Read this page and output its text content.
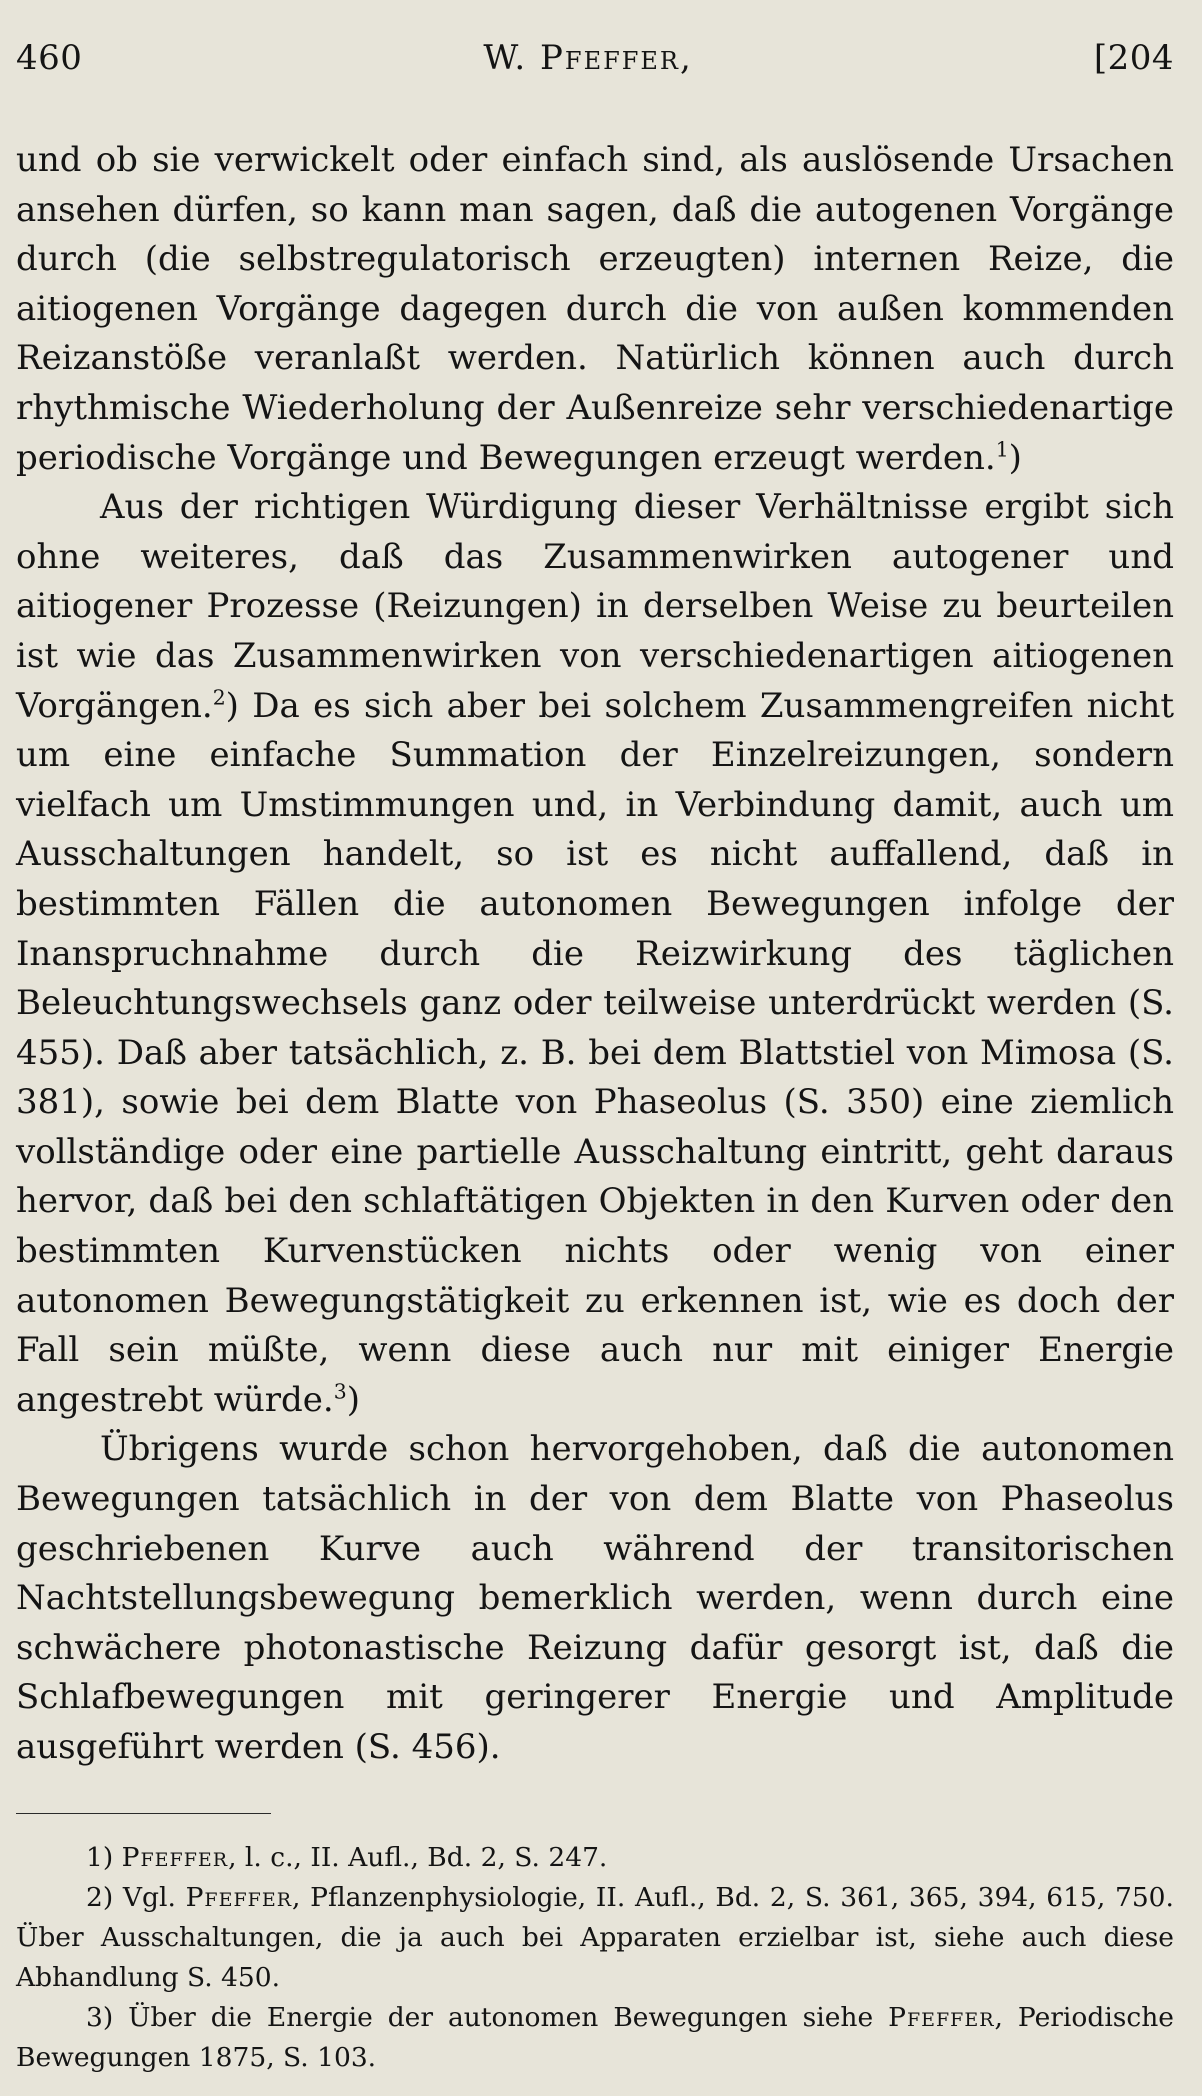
460	W. Pfeffer,	[204

und ob sie verwickelt oder einfach sind, als auslösende Ursachen ansehen dürfen, so kann man sagen, daß die autogenen Vorgänge durch (die selbstregulatorisch erzeugten) internen Reize, die aitiogenen Vorgänge dagegen durch die von außen kommenden Reizanstöße veranlaßt werden. Natürlich können auch durch rhythmische Wiederholung der Außenreize sehr verschiedenartige periodische Vorgänge und Bewegungen erzeugt werden.$^1$)

Aus der richtigen Würdigung dieser Verhältnisse ergibt sich ohne weiteres, daß das Zusammenwirken autogener und aitiogener Prozesse (Reizungen) in derselben Weise zu beurteilen ist wie das Zusammenwirken von verschiedenartigen aitiogenen Vorgängen.$^2$) Da es sich aber bei solchem Zusammengreifen nicht um eine einfache Summation der Einzelreizungen, sondern vielfach um Umstimmungen und, in Verbindung damit, auch um Ausschaltungen handelt, so ist es nicht auffallend, daß in bestimmten Fällen die autonomen Bewegungen infolge der Inanspruchnahme durch die Reizwirkung des täglichen Beleuchtungswechsels ganz oder teilweise unterdrückt werden (S. 455). Daß aber tatsächlich, z. B. bei dem Blattstiel von Mimosa (S. 381), sowie bei dem Blatte von Phaseolus (S. 350) eine ziemlich vollständige oder eine partielle Ausschaltung eintritt, geht daraus hervor, daß bei den schlaftätigen Objekten in den Kurven oder den bestimmten Kurvenstücken nichts oder wenig von einer autonomen Bewegungstätigkeit zu erkennen ist, wie es doch der Fall sein müßte, wenn diese auch nur mit einiger Energie angestrebt würde.$^3$)

Übrigens wurde schon hervorgehoben, daß die autonomen Bewegungen tatsächlich in der von dem Blatte von Phaseolus geschriebenen Kurve auch während der transitorischen Nachtstellungsbewegung bemerklich werden, wenn durch eine schwächere photonastische Reizung dafür gesorgt ist, daß die Schlafbewegungen mit geringerer Energie und Amplitude ausgeführt werden (S. 456).

1) Pfeffer, l. c., II. Aufl., Bd. 2, S. 247.

2) Vgl. Pfeffer, Pflanzenphysiologie, II. Aufl., Bd. 2, S. 361, 365, 394, 615, 750. Über Ausschaltungen, die ja auch bei Apparaten erzielbar ist, siehe auch diese Abhandlung S. 450.

3) Über die Energie der autonomen Bewegungen siehe Pfeffer, Periodische Bewegungen 1875, S. 103.
